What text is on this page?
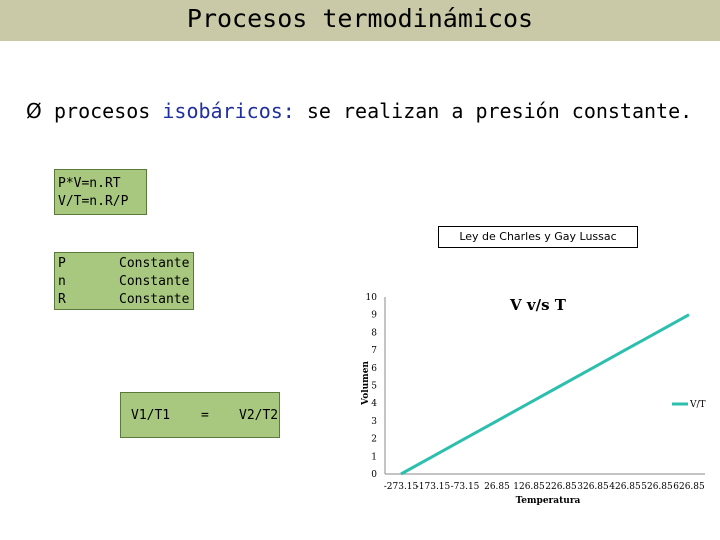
Procesos termodinámicos
Ø procesos isobáricos: se realizan a presión constante.
P*V=n.RT
V/T=n.R/P
P	Constante
n	Constante
R	Constante
V1/T1 = V2/T2
Ley de Charles y Gay Lussac
V v/s T
Temperatura
Volumen
0
1
2
3
4
5
6
7
8
9
10
-273.15
-173.15 -73.15 26.85 126.85 226.85 326.85 426.85 526.85 626.85
V/T
